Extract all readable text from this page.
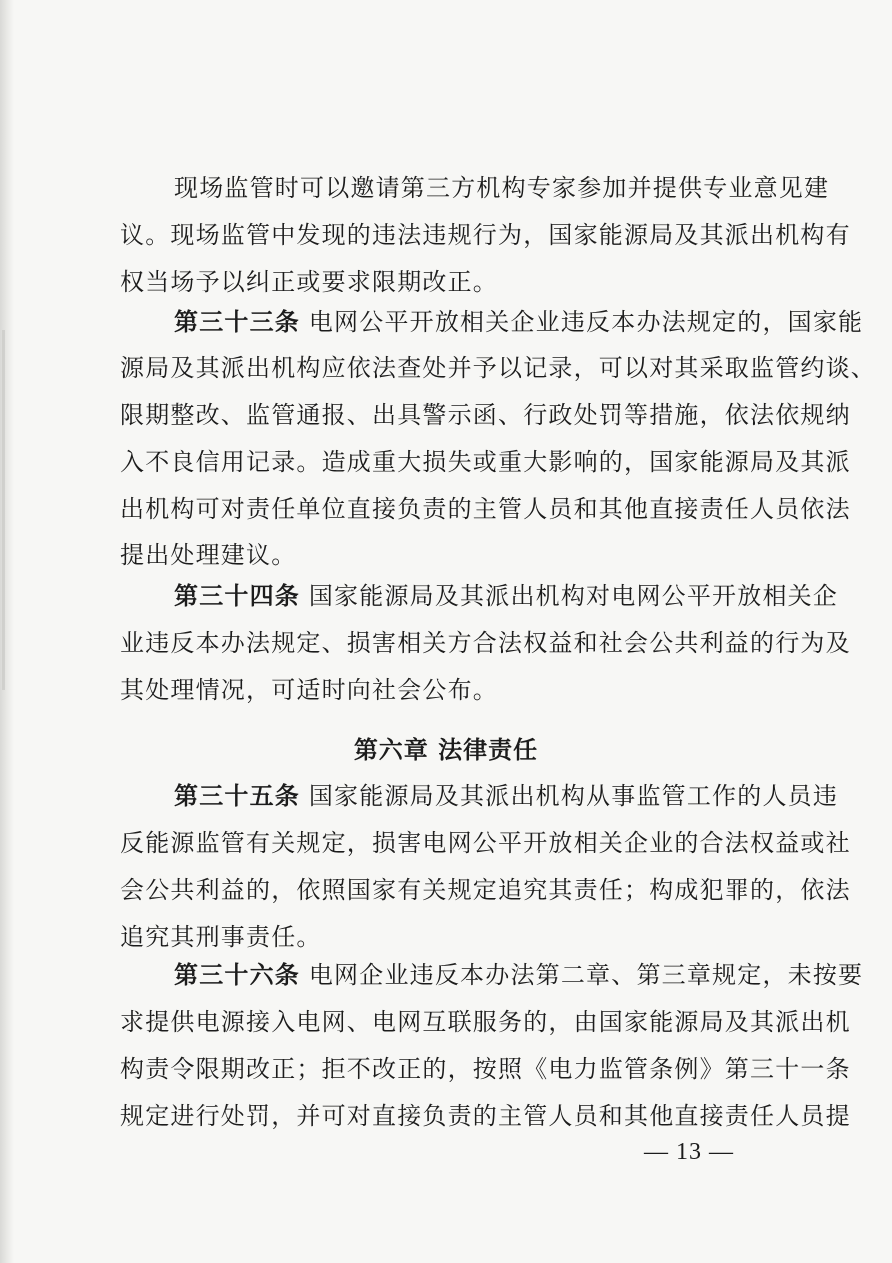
现场监管时可以邀请第三方机构专家参加并提供专业意见建
议。现场监管中发现的违法违规行为，国家能源局及其派出机构有
权当场予以纠正或要求限期改正。
第三十三条 电网公平开放相关企业违反本办法规定的，国家能
源局及其派出机构应依法查处并予以记录，可以对其采取监管约谈、
限期整改、监管通报、出具警示函、行政处罚等措施，依法依规纳
入不良信用记录。造成重大损失或重大影响的，国家能源局及其派
出机构可对责任单位直接负责的主管人员和其他直接责任人员依法
提出处理建议。
第三十四条 国家能源局及其派出机构对电网公平开放相关企
业违反本办法规定、损害相关方合法权益和社会公共利益的行为及
其处理情况，可适时向社会公布。
第六章 法律责任
第三十五条 国家能源局及其派出机构从事监管工作的人员违
反能源监管有关规定，损害电网公平开放相关企业的合法权益或社
会公共利益的，依照国家有关规定追究其责任；构成犯罪的，依法
追究其刑事责任。
第三十六条 电网企业违反本办法第二章、第三章规定，未按要
求提供电源接入电网、电网互联服务的，由国家能源局及其派出机
构责令限期改正；拒不改正的，按照《电力监管条例》第三十一条
规定进行处罚，并可对直接负责的主管人员和其他直接责任人员提
— 13 —
